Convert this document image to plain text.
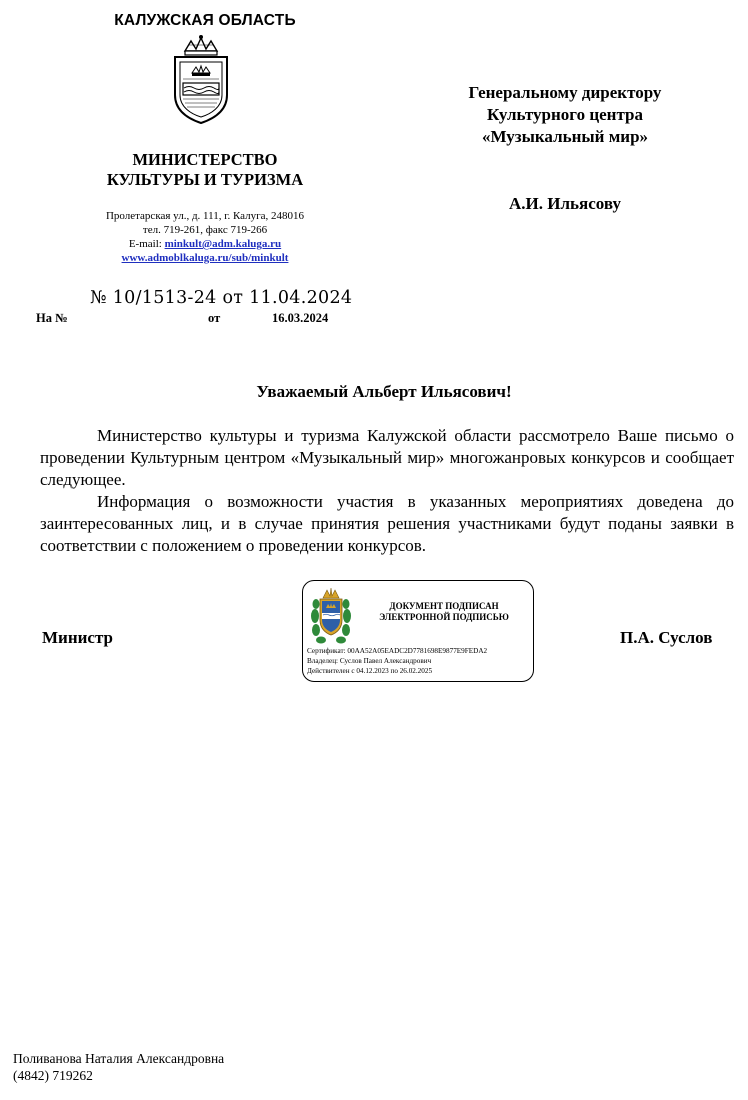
КАЛУЖСКАЯ ОБЛАСТЬ
МИНИСТЕРСТВО
КУЛЬТУРЫ И ТУРИЗМА
Пролетарская ул., д. 111, г. Калуга, 248016
тел. 719-261, факс 719-266
E-mail: minkult@adm.kaluga.ru
www.admoblkaluga.ru/sub/minkult
№ 10/1513-24 от 11.04.2024
На №	от	16.03.2024
Генеральному директору
Культурного центра
«Музыкальный мир»
А.И. Ильясову
Уважаемый Альберт Ильясович!

Министерство культуры и туризма Калужской области рассмотрело Ваше письмо о проведении Культурным центром «Музыкальный мир» многожанровых конкурсов и сообщает следующее.

Информация о возможности участия в указанных мероприятиях доведена до заинтересованных лиц, и в случае принятия решения участниками будут поданы заявки в соответствии с положением о проведении конкурсов.

Министр
ДОКУМЕНТ ПОДПИСАН
ЭЛЕКТРОННОЙ ПОДПИСЬЮ
Сертификат: 00AA52A05EADC2D7781698E9877E9FEDA2
Владелец: Суслов Павел Александрович
Действителен с 04.12.2023 по 26.02.2025
П.А. Суслов
Поливанова Наталия Александровна
(4842) 719262
